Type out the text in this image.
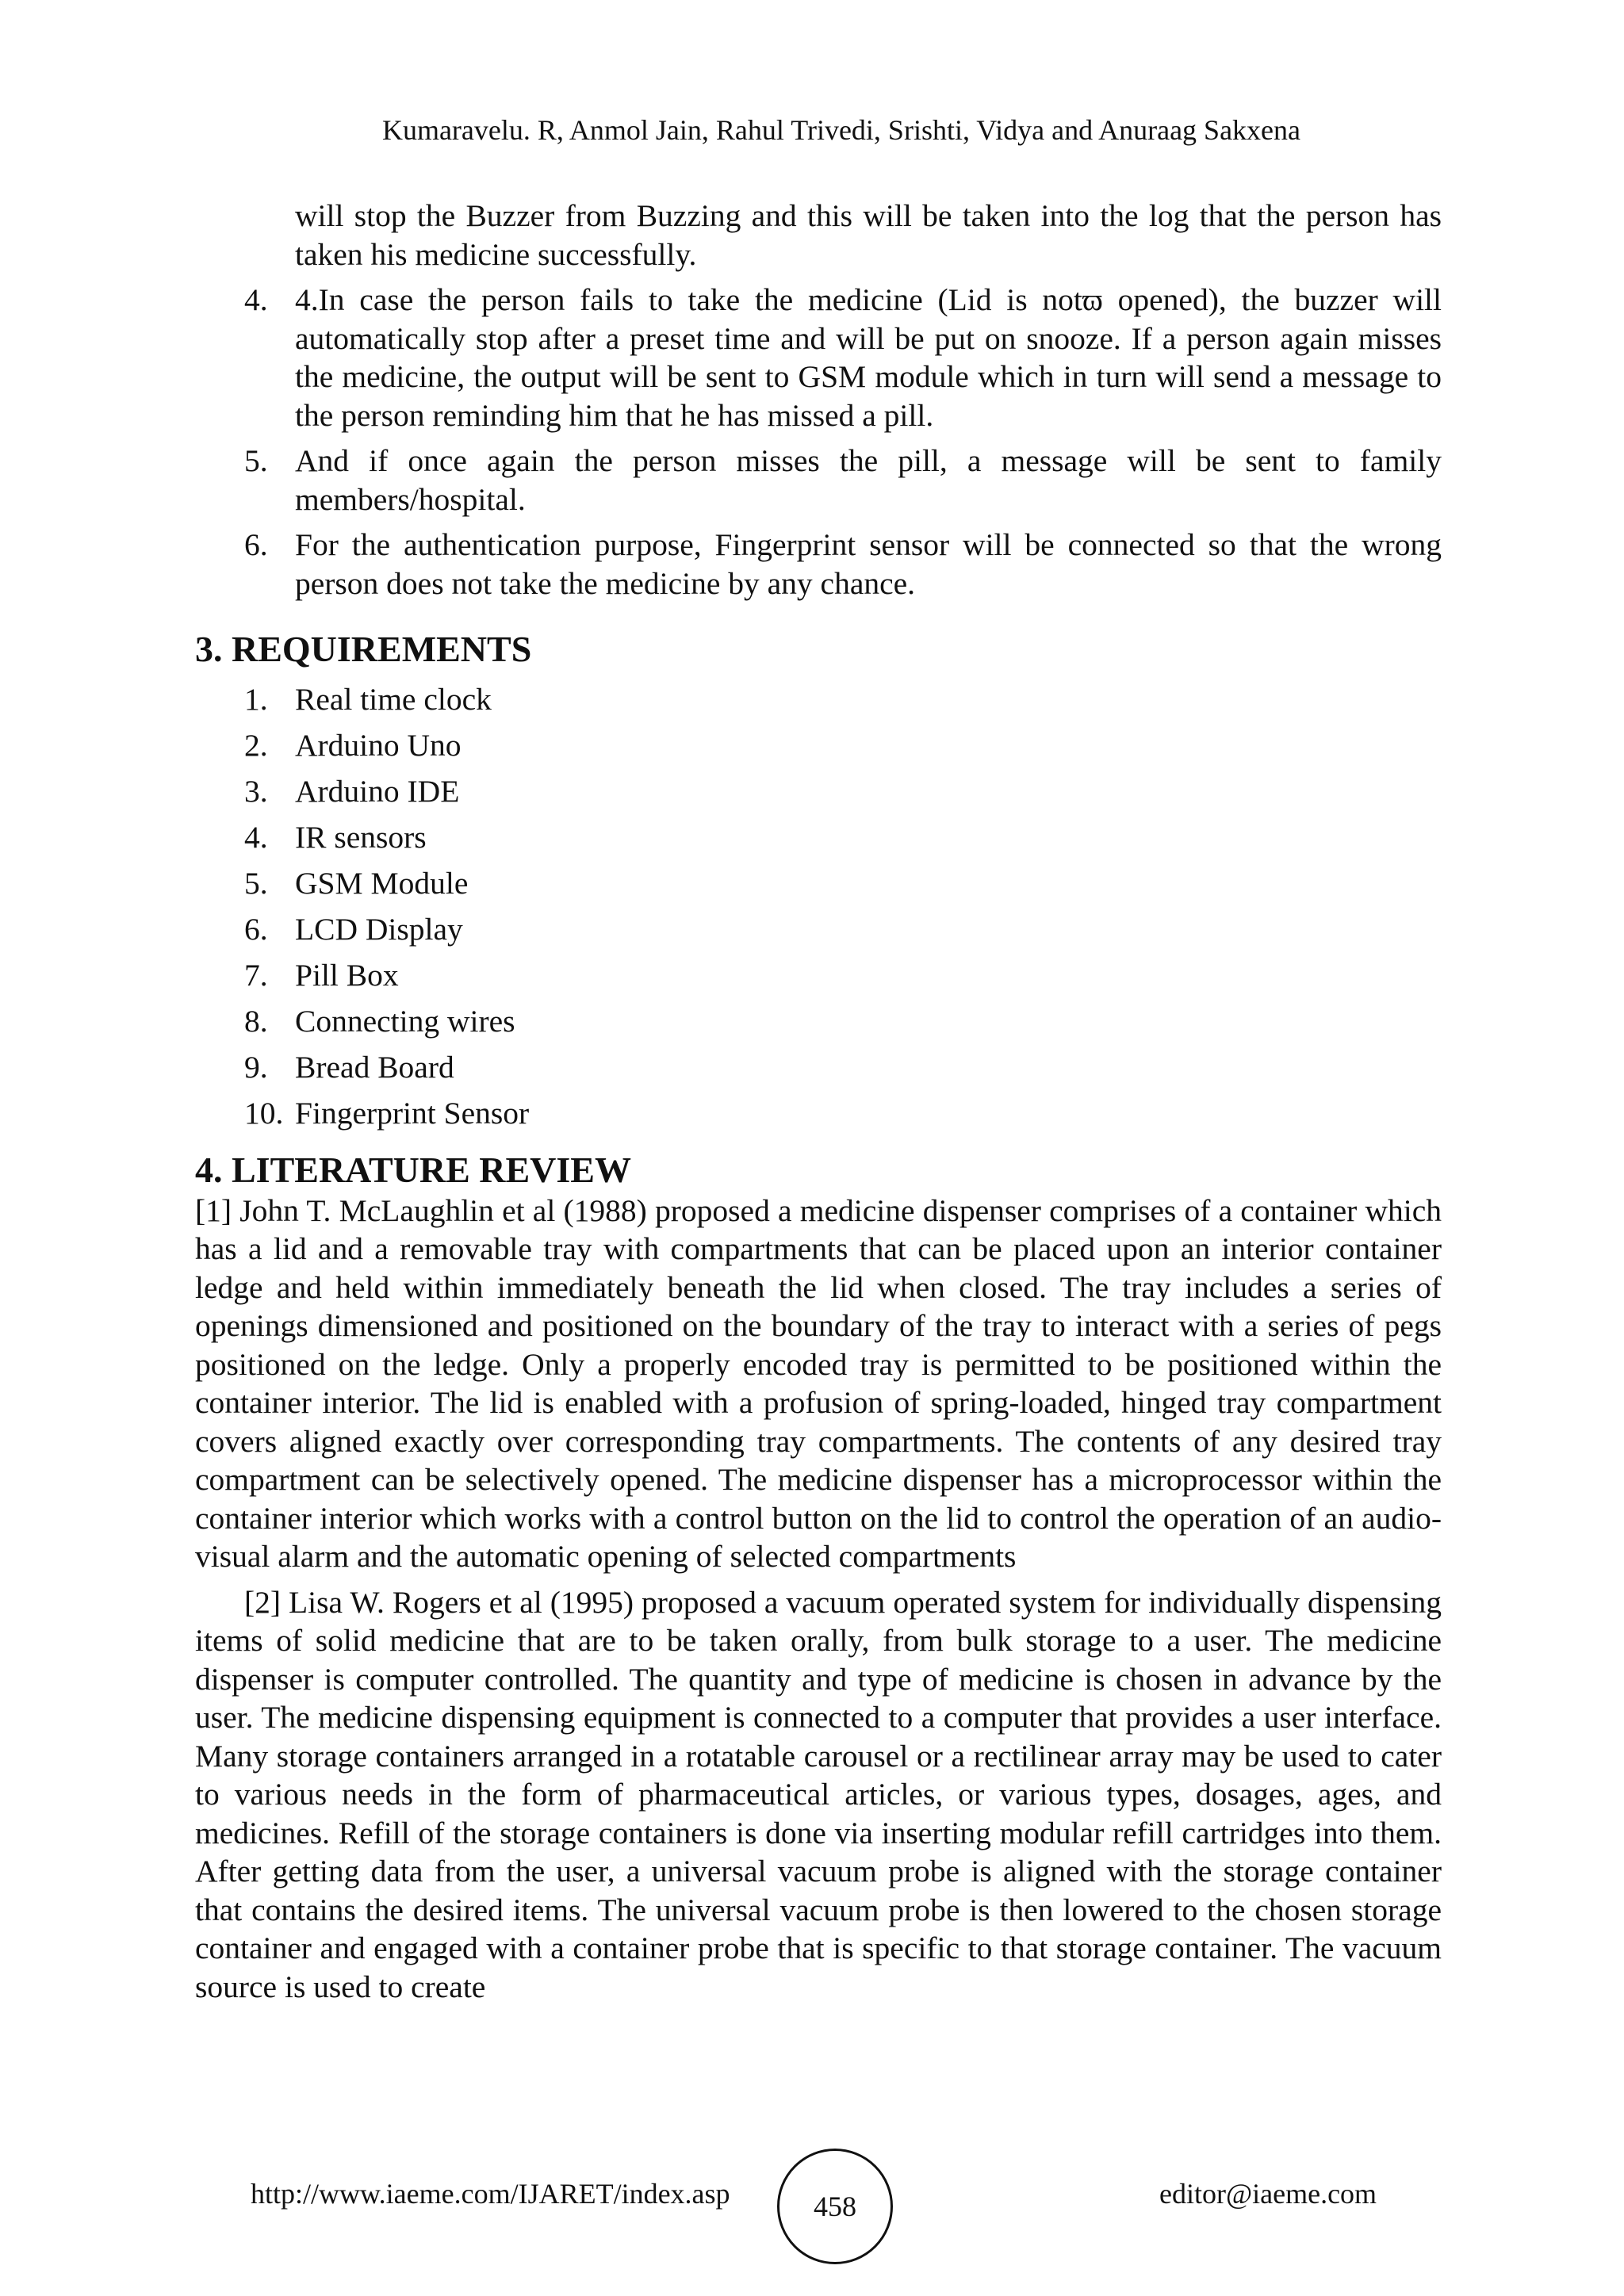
Kumaravelu. R, Anmol Jain, Rahul Trivedi, Srishti, Vidya and Anuraag Sakxena
will stop the Buzzer from Buzzing and this will be taken into the log that the person has taken his medicine successfully.
4. 4.In case the person fails to take the medicine (Lid is notϖ opened), the buzzer will automatically stop after a preset time and will be put on snooze. If a person again misses the medicine, the output will be sent to GSM module which in turn will send a message to the person reminding him that he has missed a pill.
5. And if once again the person misses the pill, a message will be sent to family members/hospital.
6. For the authentication purpose, Fingerprint sensor will be connected so that the wrong person does not take the medicine by any chance.
3. REQUIREMENTS
1. Real time clock
2. Arduino Uno
3. Arduino IDE
4. IR sensors
5. GSM Module
6. LCD Display
7. Pill Box
8. Connecting wires
9. Bread Board
10. Fingerprint Sensor
4. LITERATURE REVIEW

[1] John T. McLaughlin et al (1988) proposed a medicine dispenser comprises of a container which has a lid and a removable tray with compartments that can be placed upon an interior container ledge and held within immediately beneath the lid when closed. The tray includes a series of openings dimensioned and positioned on the boundary of the tray to interact with a series of pegs positioned on the ledge. Only a properly encoded tray is permitted to be positioned within the container interior. The lid is enabled with a profusion of spring-loaded, hinged tray compartment covers aligned exactly over corresponding tray compartments. The contents of any desired tray compartment can be selectively opened. The medicine dispenser has a microprocessor within the container interior which works with a control button on the lid to control the operation of an audio-visual alarm and the automatic opening of selected compartments

[2] Lisa W. Rogers et al (1995) proposed a vacuum operated system for individually dispensing items of solid medicine that are to be taken orally, from bulk storage to a user. The medicine dispenser is computer controlled. The quantity and type of medicine is chosen in advance by the user. The medicine dispensing equipment is connected to a computer that provides a user interface. Many storage containers arranged in a rotatable carousel or a rectilinear array may be used to cater to various needs in the form of pharmaceutical articles, or various types, dosages, ages, and medicines. Refill of the storage containers is done via inserting modular refill cartridges into them. After getting data from the user, a universal vacuum probe is aligned with the storage container that contains the desired items. The universal vacuum probe is then lowered to the chosen storage container and engaged with a container probe that is specific to that storage container. The vacuum source is used to create

http://www.iaeme.com/IJARET/index.asp	458	editor@iaeme.com
